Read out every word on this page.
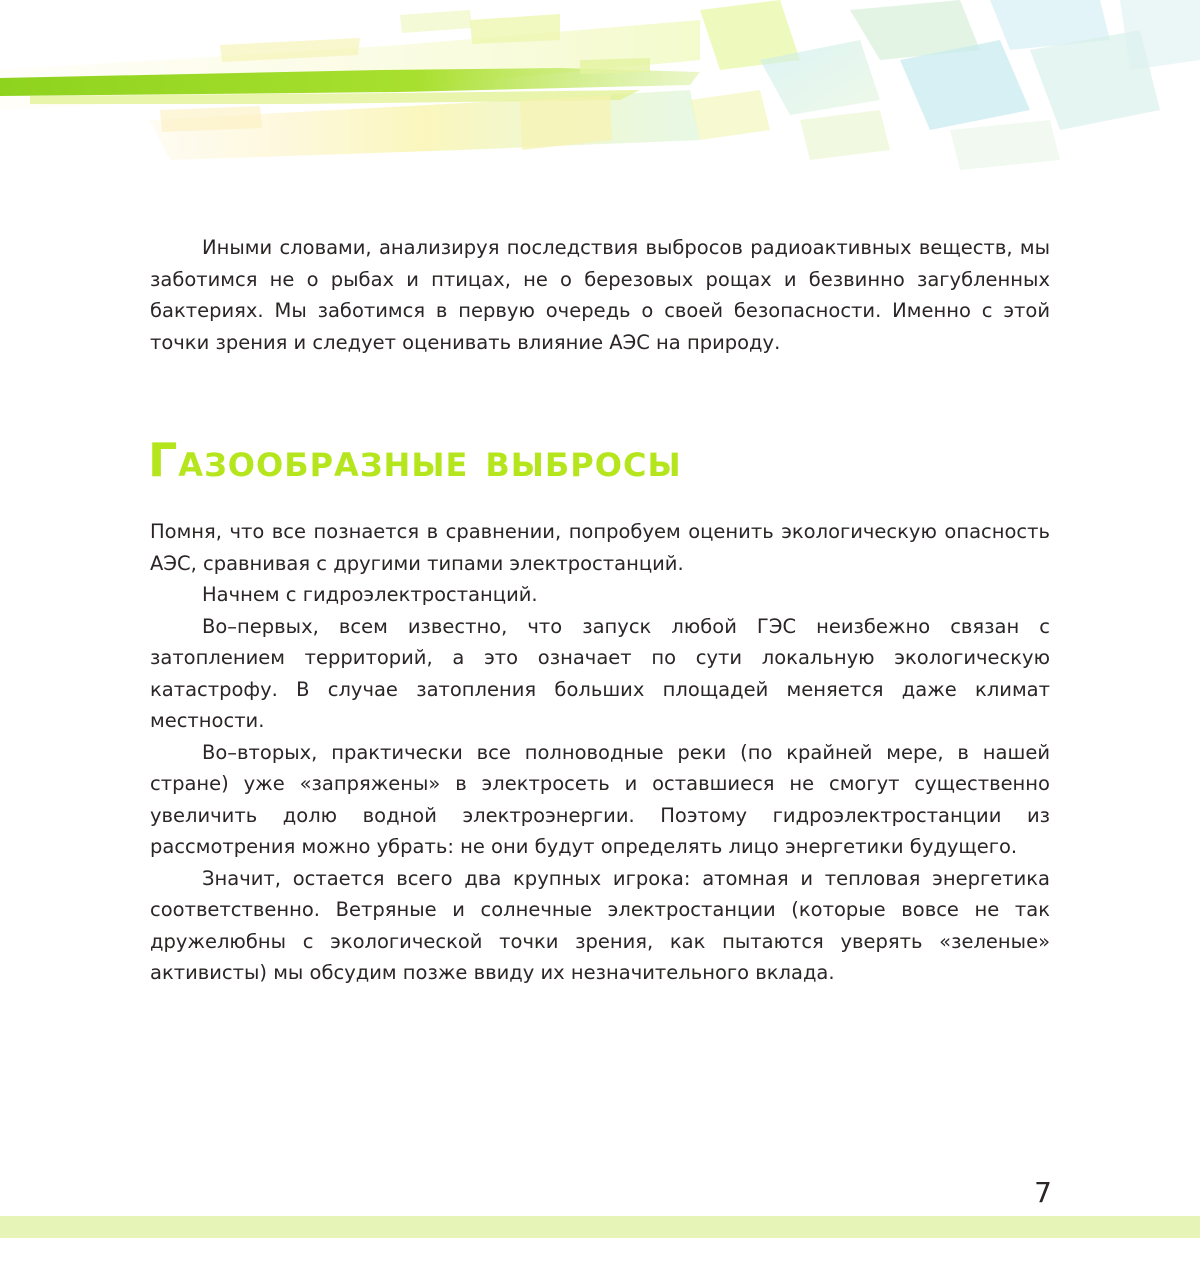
Иными словами, анализируя последствия выбросов радиоактивных веществ, мы заботимся не о рыбах и птицах, не о березовых рощах и безвинно загубленных бактериях. Мы заботимся в первую очередь о своей безопасности. Именно с этой точки зрения и следует оценивать влияние АЭС на природу.

Газообразные выбросы

Помня, что все познается в сравнении, попробуем оценить экологическую опасность АЭС, сравнивая с другими типами электростанций.

Начнем с гидроэлектростанций.

Во–первых, всем известно, что запуск любой ГЭС неизбежно связан с затоплением территорий, а это означает по сути локальную экологическую катастрофу. В случае затопления больших площадей меняется даже климат местности.

Во–вторых, практически все полноводные реки (по крайней мере, в нашей стране) уже «запряжены» в электросеть и оставшиеся не смогут существенно увеличить долю водной электроэнергии. Поэтому гидроэлектростанции из рассмотрения можно убрать: не они будут определять лицо энергетики будущего.

Значит, остается всего два крупных игрока: атомная и тепловая энергетика соответственно. Ветряные и солнечные электростанции (которые вовсе не так дружелюбны с экологической точки зрения, как пытаются уверять «зеленые» активисты) мы обсудим позже ввиду их незначительного вклада.

7
